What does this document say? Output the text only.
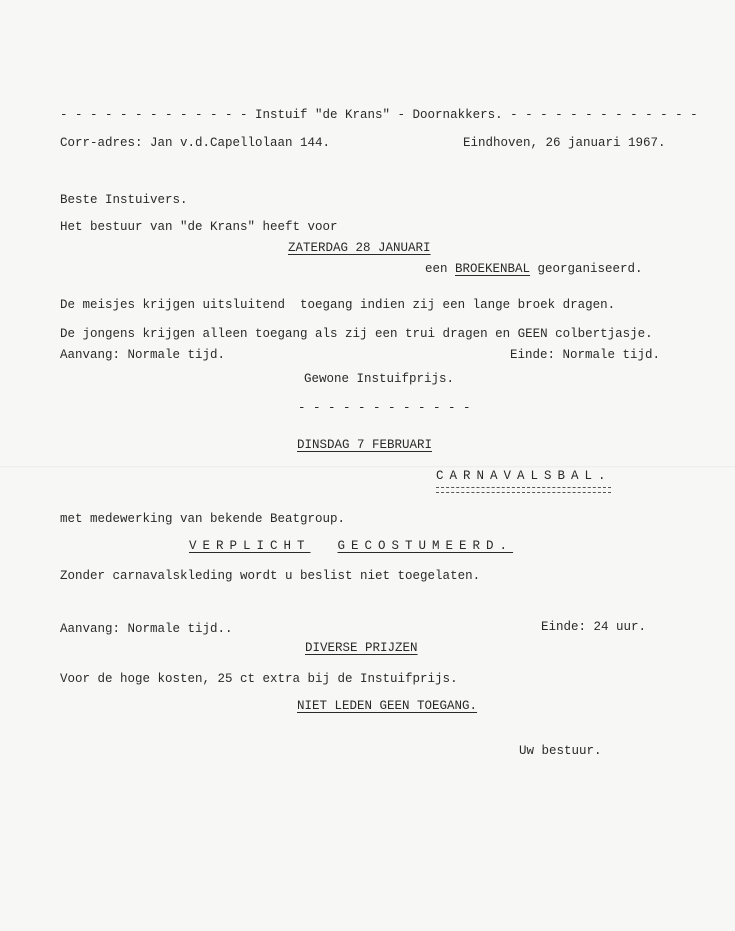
- - - - - - - - - - - - - Instuif "de Krans" - Doornakkers. - - - - - - - - - - - - -
Corr-adres: Jan v.d.Capellolaan 144.	Eindhoven, 26 januari 1967.
Beste Instuivers.
Het bestuur van "de Krans" heeft voor
ZATERDAG 28 JANUARI
een BROEKENBAL georganiseerd.
De meisjes krijgen uitsluitend  toegang indien zij een lange broek dragen.
De jongens krijgen alleen toegang als zij een trui dragen en GEEN colbertjasje.
Aanvang: Normale tijd.	Einde: Normale tijd.
Gewone Instuifprijs.
- - - - - - - - - - - -
DINSDAG 7 FEBRUARI
CARNAVALSBAL.
met medewerking van bekende Beatgroup.
VERPLICHT GECOSTUMEERD.
Zonder carnavalskleding wordt u beslist niet toegelaten.
Aanvang: Normale tijd..	Einde: 24 uur.
DIVERSE PRIJZEN
Voor de hoge kosten, 25 ct extra bij de Instuifprijs.
NIET LEDEN GEEN TOEGANG.
Uw bestuur.
